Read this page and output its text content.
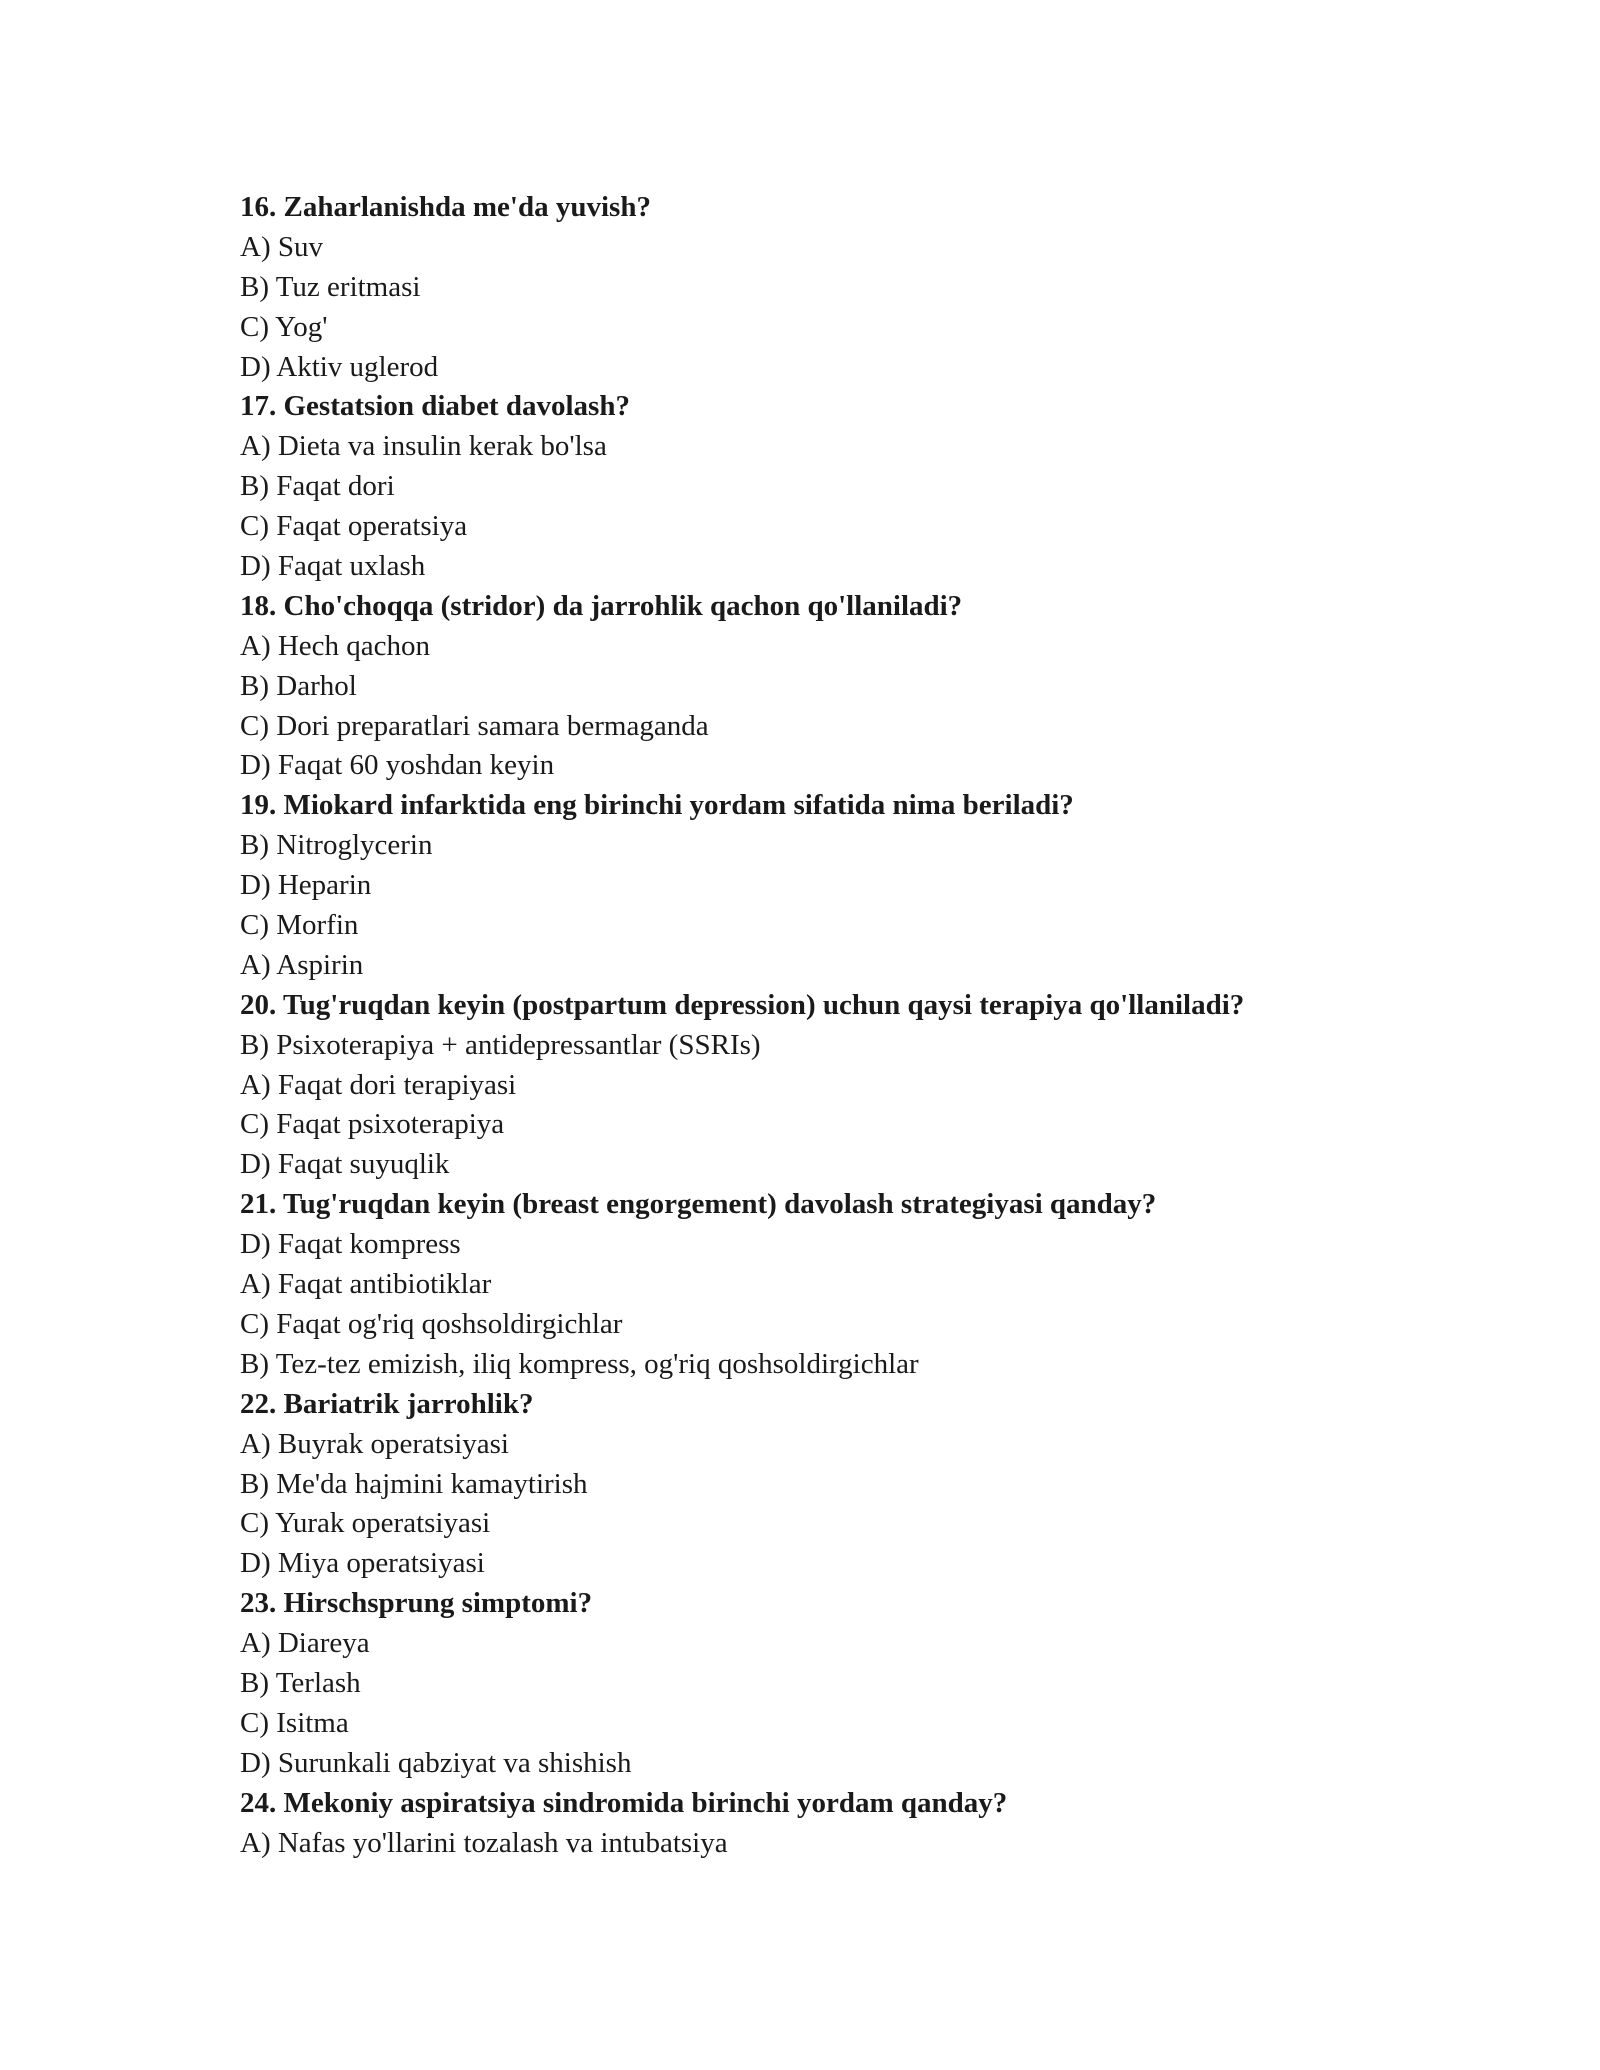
16. Zaharlanishda me'da yuvish?
A) Suv
B) Tuz eritmasi
C) Yog'
D) Aktiv uglerod
17. Gestatsion diabet davolash?
A) Dieta va insulin kerak bo'lsa
B) Faqat dori
C) Faqat operatsiya
D) Faqat uxlash
18. Cho'choqqa (stridor) da jarrohlik qachon qo'llaniladi?
A) Hech qachon
B) Darhol
C) Dori preparatlari samara bermaganda
D) Faqat 60 yoshdan keyin
19. Miokard infarktida eng birinchi yordam sifatida nima beriladi?
B) Nitroglycerin
D) Heparin
C) Morfin
A) Aspirin
20. Tug'ruqdan keyin (postpartum depression) uchun qaysi terapiya qo'llaniladi?
B) Psixoterapiya + antidepressantlar (SSRIs)
A) Faqat dori terapiyasi
C) Faqat psixoterapiya
D) Faqat suyuqlik
21. Tug'ruqdan keyin (breast engorgement) davolash strategiyasi qanday?
D) Faqat kompress
A) Faqat antibiotiklar
C) Faqat og'riq qoshsoldirgichlar
B) Tez-tez emizish, iliq kompress, og'riq qoshsoldirgichlar
22. Bariatrik jarrohlik?
A) Buyrak operatsiyasi
B) Me'da hajmini kamaytirish
C) Yurak operatsiyasi
D) Miya operatsiyasi
23. Hirschsprung simptomi?
A) Diareya
B) Terlash
C) Isitma
D) Surunkali qabziyat va shishish
24. Mekoniy aspiratsiya sindromida birinchi yordam qanday?
A) Nafas yo'llarini tozalash va intubatsiya
